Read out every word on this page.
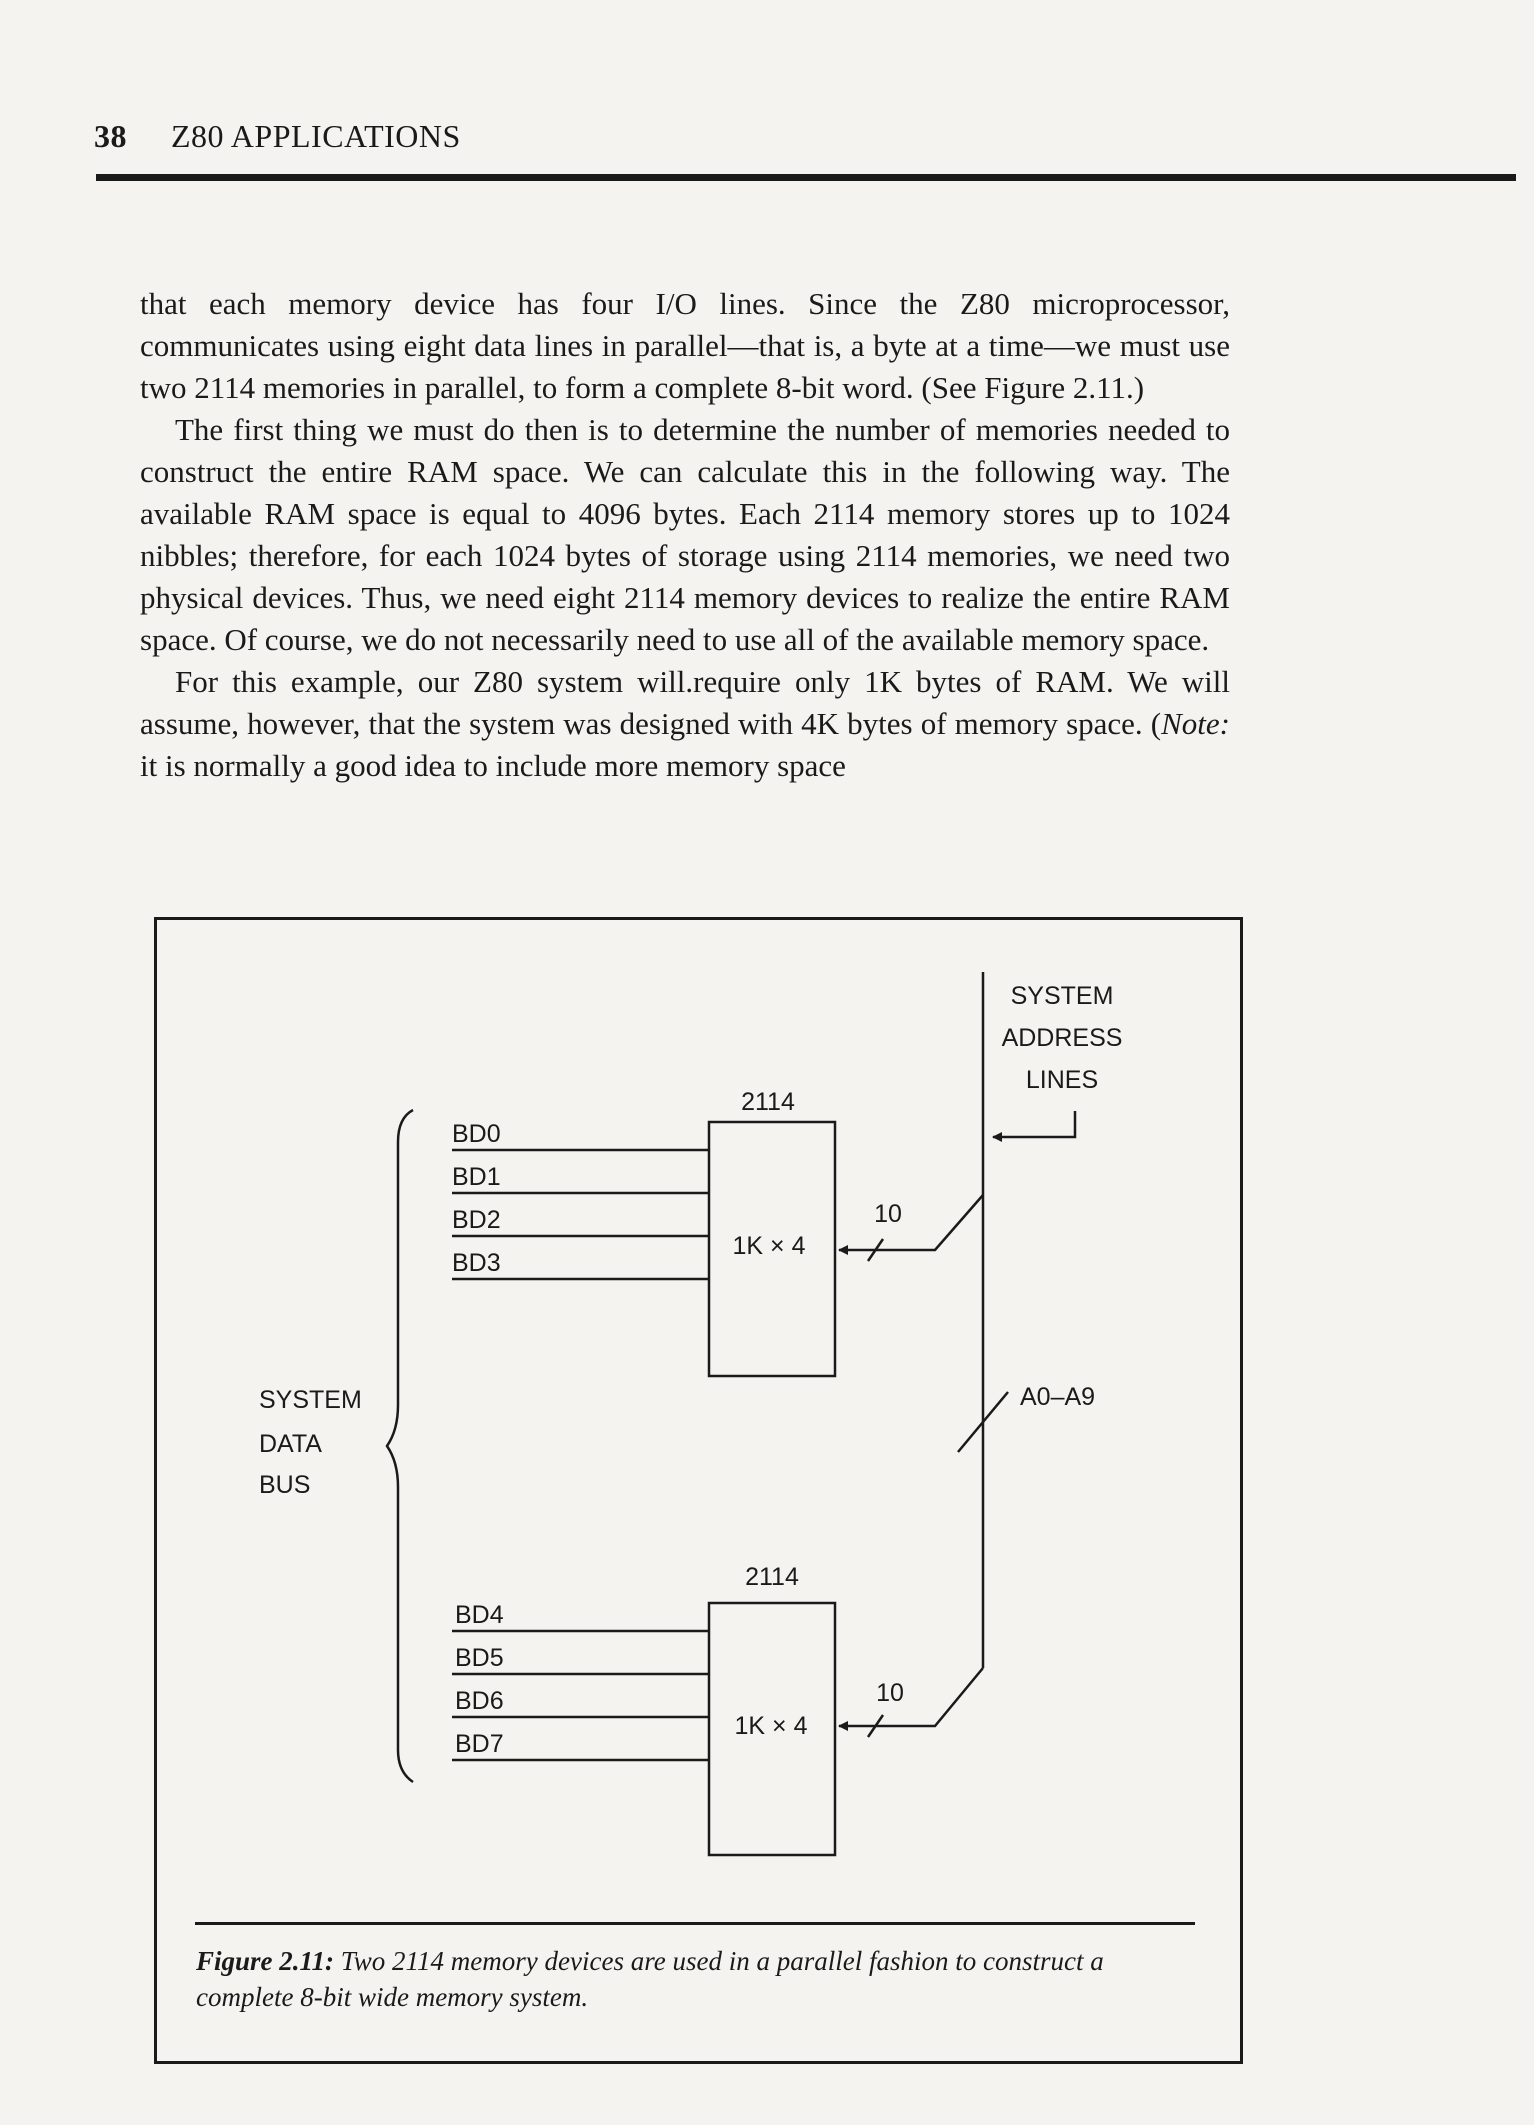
38 Z80 APPLICATIONS

that each memory device has four I/O lines. Since the Z80 microprocessor, communicates using eight data lines in parallel—that is, a byte at a time—we must use two 2114 memories in parallel, to form a complete 8-bit word. (See Figure 2.11.)

The first thing we must do then is to determine the number of memories needed to construct the entire RAM space. We can calculate this in the following way. The available RAM space is equal to 4096 bytes. Each 2114 memory stores up to 1024 nibbles; therefore, for each 1024 bytes of storage using 2114 memories, we need two physical devices. Thus, we need eight 2114 memory devices to realize the entire RAM space. Of course, we do not necessarily need to use all of the available memory space.

For this example, our Z80 system will.require only 1K bytes of RAM. We will assume, however, that the system was designed with 4K bytes of memory space. (Note: it is normally a good idea to include more memory space

SYSTEM
ADDRESS
LINES
2114
1K × 4
10
BD0
BD1
BD2
BD3
A0–A9
SYSTEM
DATA
BUS
2114
1K × 4
10
BD4
BD5
BD6
BD7
Figure 2.11: Two 2114 memory devices are used in a parallel fashion to construct a complete 8-bit wide memory system.
